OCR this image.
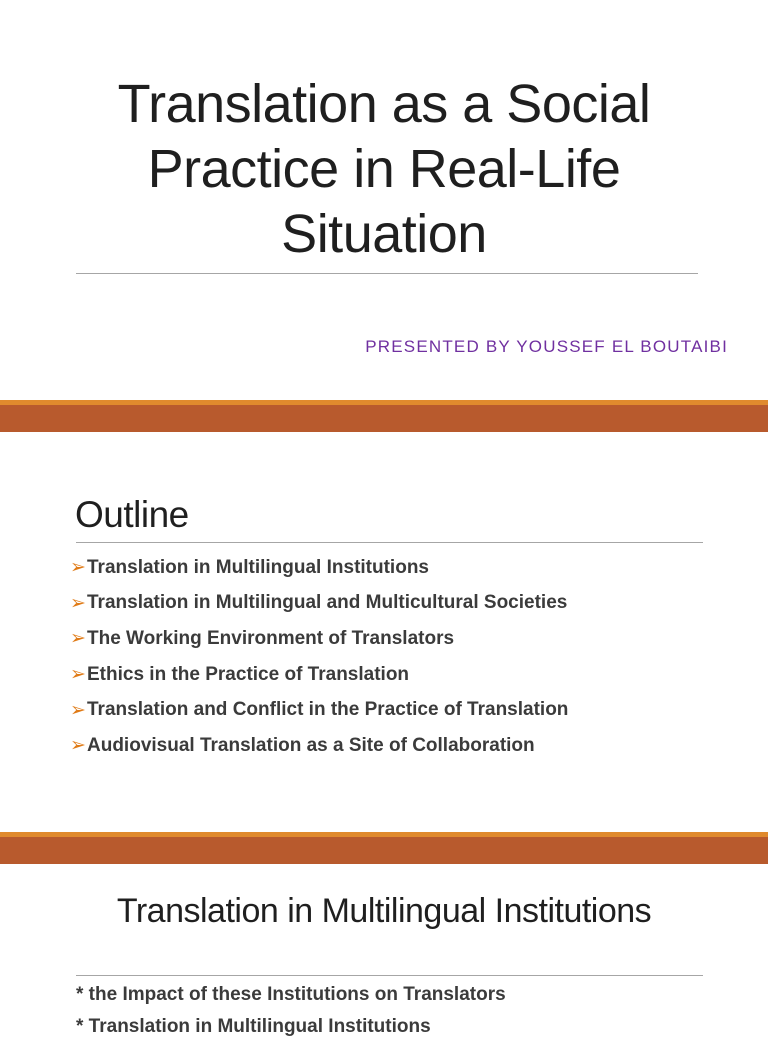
Translation as a Social
Practice in Real-Life
Situation
PRESENTED BY YOUSSEF EL BOUTAIBI
Outline
➢ Translation in Multilingual Institutions
➢ Translation in Multilingual and Multicultural Societies
➢ The Working Environment of Translators
➢ Ethics in the Practice of Translation
➢ Translation and Conflict in the Practice of Translation
➢ Audiovisual Translation as a Site of Collaboration
Translation in Multilingual Institutions
* the Impact of these Institutions on Translators
* Translation in Multilingual Institutions
